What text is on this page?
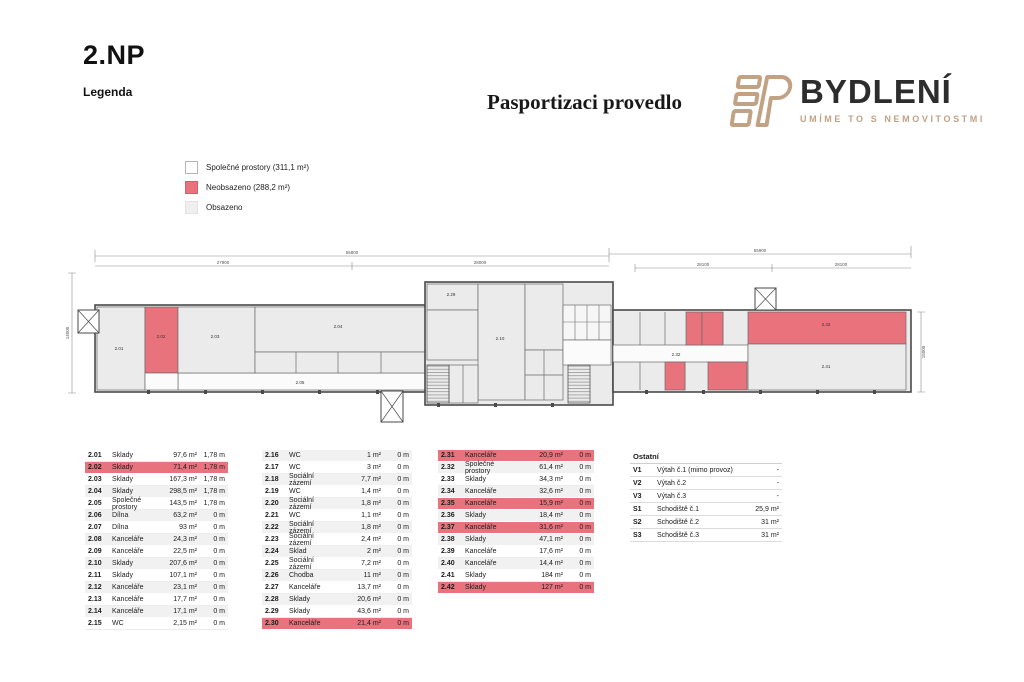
2.NP
Legenda	Pasportizaci provedlo	BYDLENÍ
UMÍME TO S NEMOVITOSTMI
Společné prostory (311,1 m²)
Neobsazeno (288,2 m²)
Obsazeno
55800	55900
27900	28000	28100	28100
14000
15000
2.01
2.02	2.03
2.04
2.05
2.10
2.29
2.32
2.41
2.42
2.01	Sklady	97,6 m² 1,78 m
2.02	Sklady	71,4 m² 1,78 m
2.03	Sklady	167,3 m² 1,78 m
2.04	Sklady	298,5 m² 1,78 m
2.05	Společné prostory	143,5 m² 1,78 m
2.06	Dílna	63,2 m²	0 m
2.07	Dílna	93 m²	0 m
2.08	Kanceláře	24,3 m²	0 m
2.09	Kanceláře	22,5 m²	0 m
2.10	Sklady	207,6 m²	0 m
2.11	Sklady	107,1 m²	0 m
2.12	Kanceláře	23,1 m²	0 m
2.13	Kanceláře	17,7 m²	0 m
2.14	Kanceláře	17,1 m²	0 m
2.15	WC	2,15 m²	0 m
2.16	WC	1 m²	0 m
2.17	WC	3 m²	0 m
2.18	Sociální zázemí	7,7 m²	0 m
2.19	WC	1,4 m²	0 m
2.20	Sociální zázemí	1,8 m²	0 m
2.21	WC	1,1 m²	0 m
2.22	Sociální zázemí	1,8 m²	0 m
2.23	Sociální zázemí	2,4 m²	0 m
2.24	Sklad	2 m²	0 m
2.25	Sociální zázemí	7,2 m²	0 m
2.26	Chodba	11 m²	0 m
2.27	Kanceláře	13,7 m²	0 m
2.28	Sklady	20,6 m²	0 m
2.29	Sklady	43,6 m²	0 m
2.30	Kanceláře	21,4 m²	0 m
2.31	Kanceláře	20,9 m²	0 m
2.32	Společné prostory	61,4 m²	0 m
2.33	Sklady	34,3 m²	0 m
2.34	Kanceláře	32,6 m²	0 m
2.35	Kanceláře	15,9 m²	0 m
2.36	Sklady	18,4 m²	0 m
2.37	Kanceláře	31,6 m²	0 m
2.38	Sklady	47,1 m²	0 m
2.39	Kanceláře	17,6 m²	0 m
2.40	Kanceláře	14,4 m²	0 m
2.41	Sklady	184 m²	0 m
2.42	Sklady	127 m²	0 m
Ostatní
V1	Výtah č.1 (mimo provoz)	-
V2	Výtah č.2	-
V3	Výtah č.3	-
S1	Schodiště č.1	25,9 m²
S2	Schodiště č.2	31 m²
S3	Schodiště č.3	31 m²
